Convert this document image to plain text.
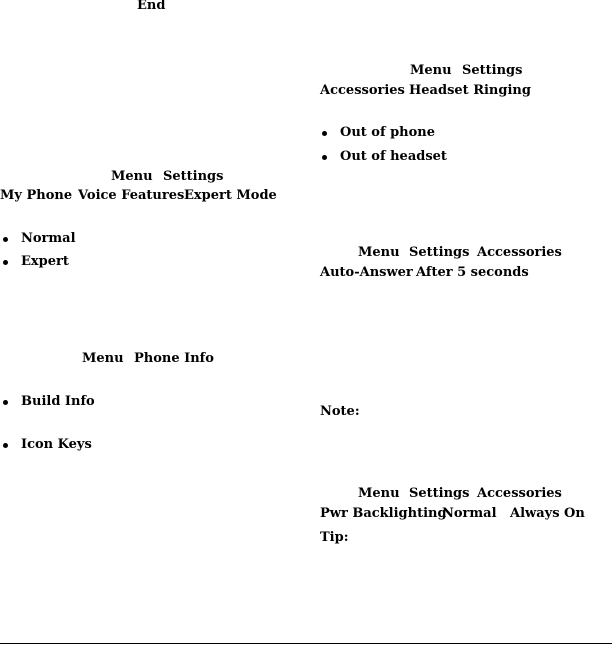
End
Menu Settings
My Phone Voice Features Expert Mode
Normal
Expert
Menu Phone Info
Build Info
Icon Keys
Menu Settings
Accessories Headset Ringing
Out of phone
Out of headset
Menu Settings Accessories
Auto-Answer After 5 seconds
Note:
Menu Settings Accessories
Pwr Backlighting
Normal Always On
Tip:
